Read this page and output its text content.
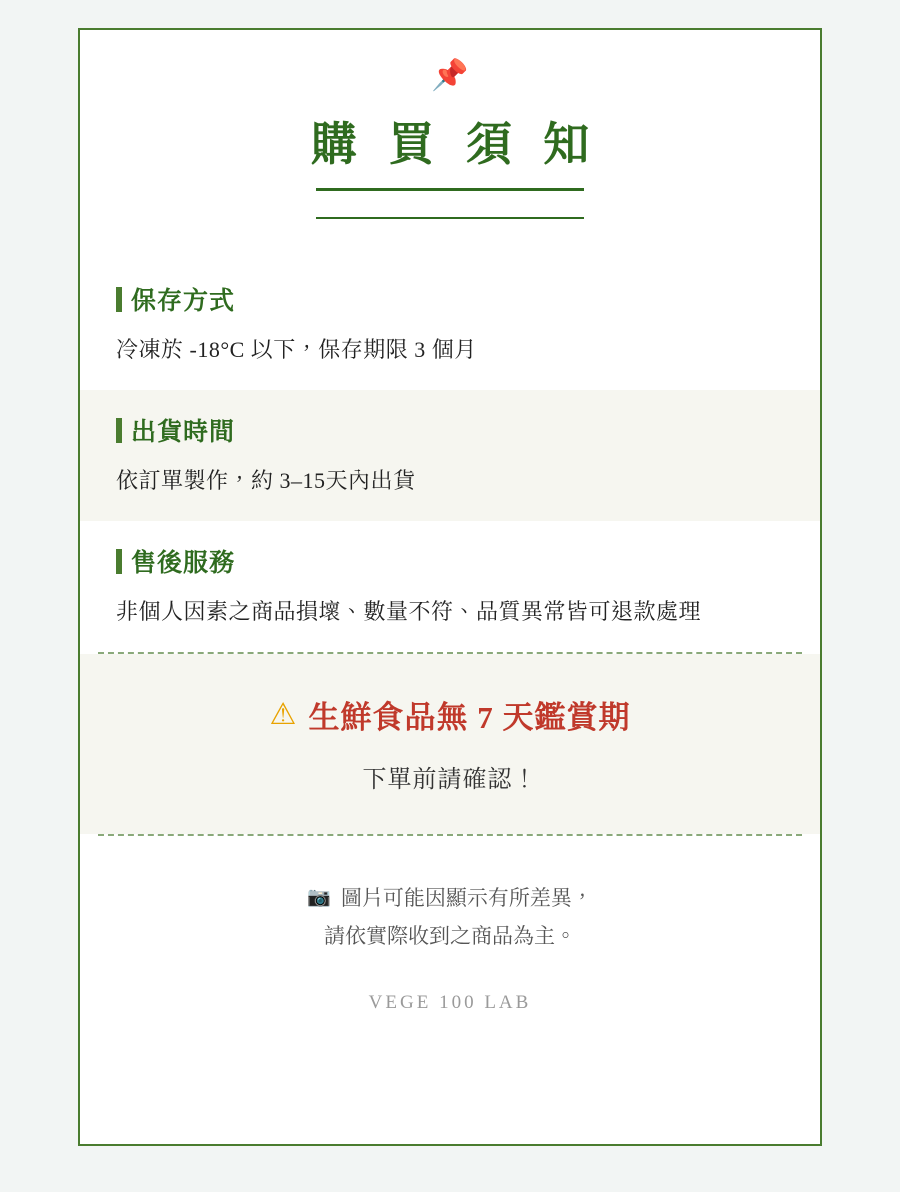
📌
購 買 須 知
保存方式
冷凍於 -18°C 以下，保存期限 3 個月
出貨時間
依訂單製作，約 3–15天內出貨
售後服務
非個人因素之商品損壞、數量不符、品質異常皆可退款處理
⚠ 生鮮食品無 7 天鑑賞期
下單前請確認！
📷 圖片可能因顯示有所差異，
請依實際收到之商品為主。
VEGE 100 LAB
